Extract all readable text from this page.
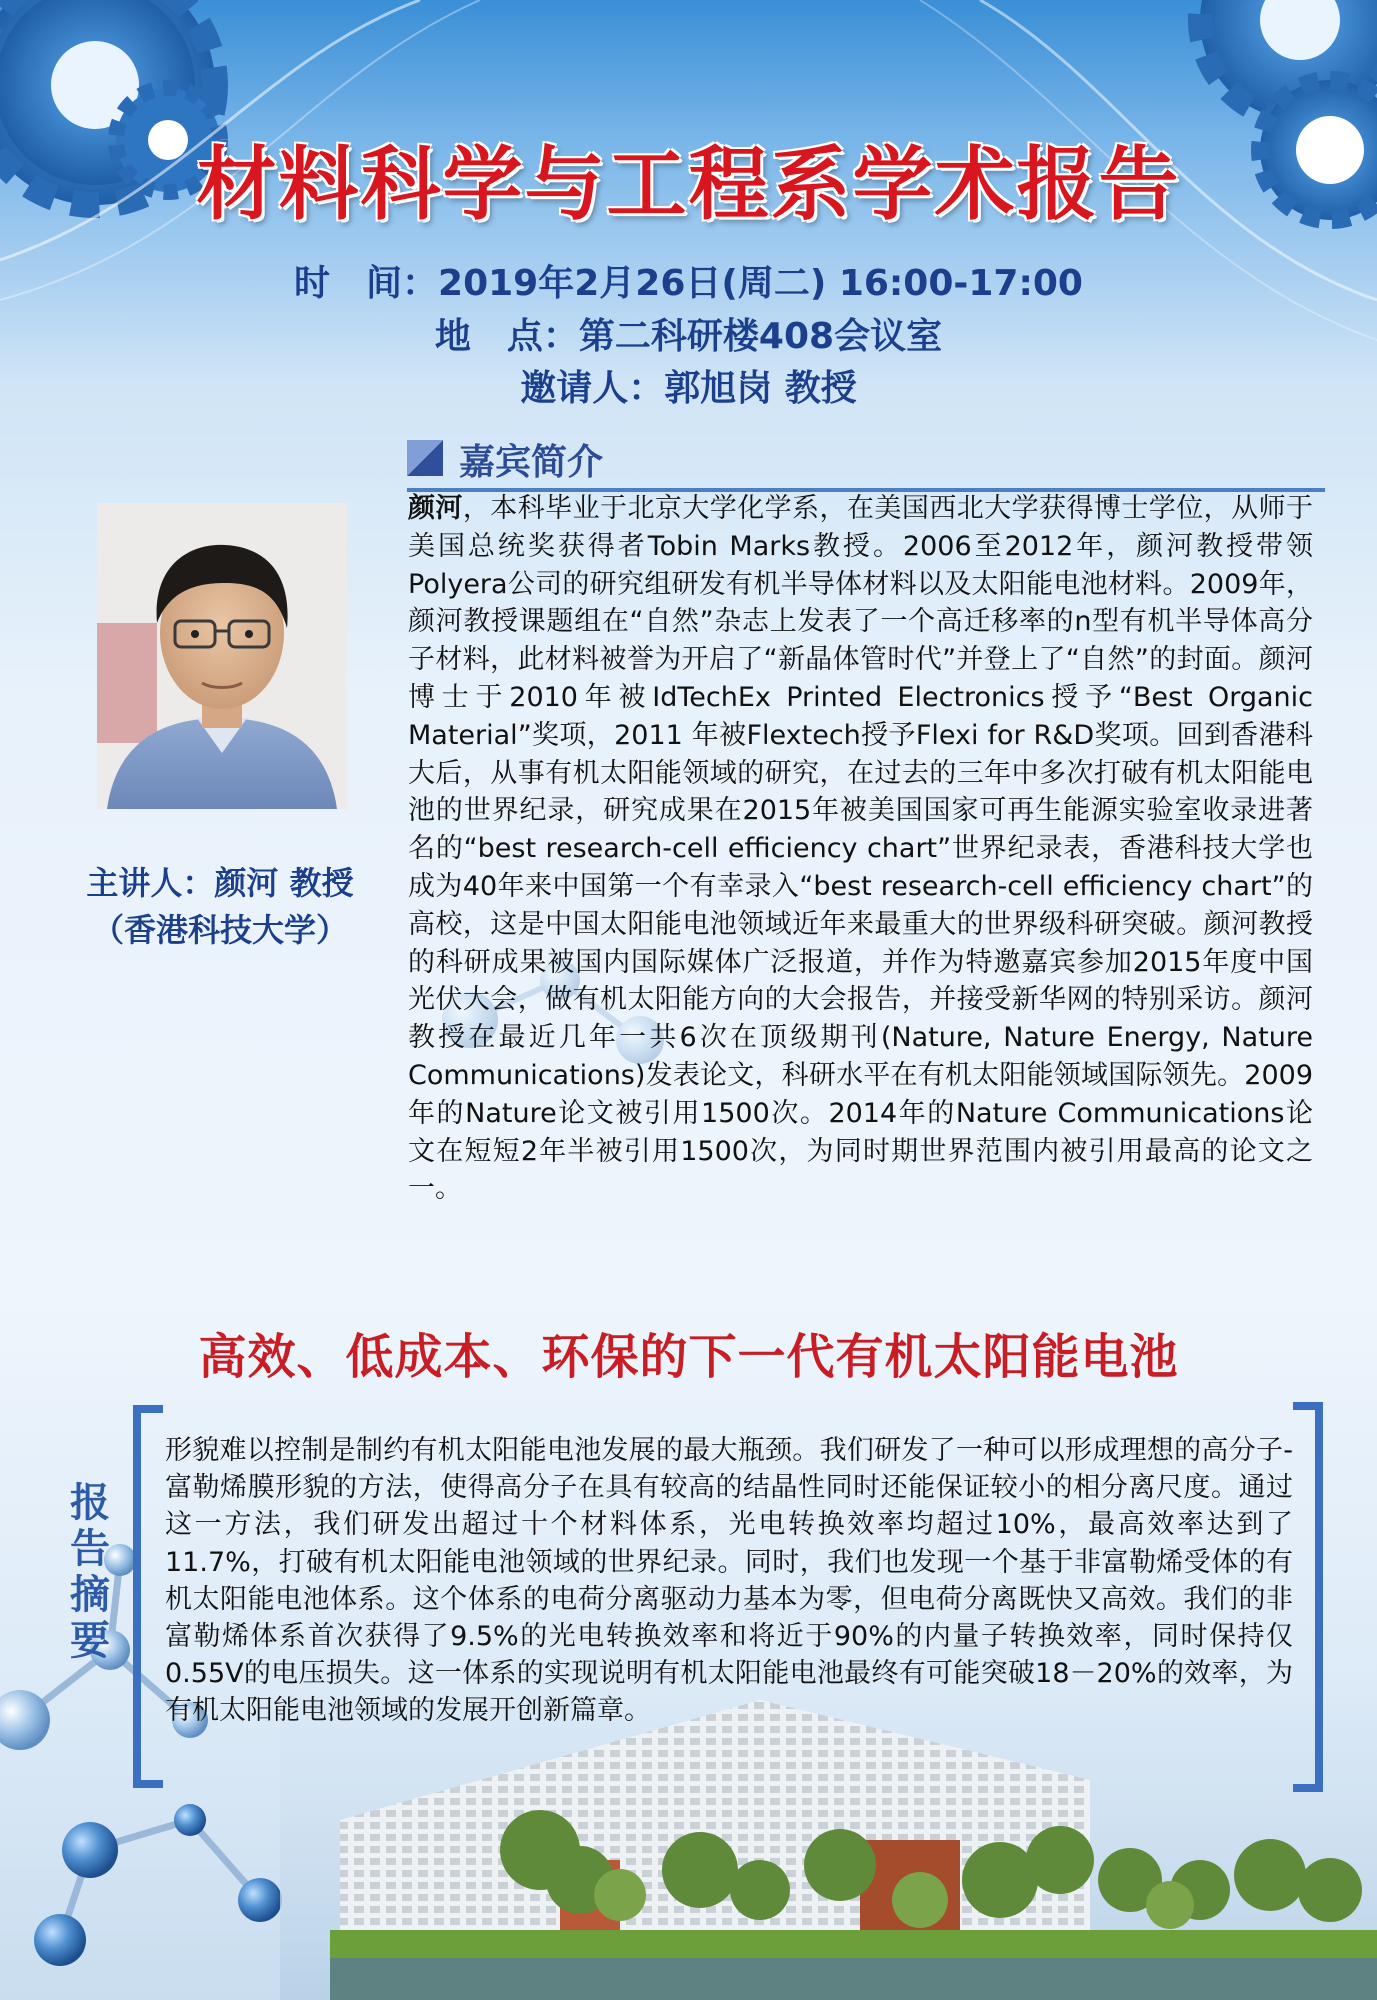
材料科学与工程系学术报告
时　间：2019年2月26日(周二) 16:00-17:00
地　点：第二科研楼408会议室
邀请人：郭旭岗 教授
嘉宾简介
主讲人：颜河 教授
（香港科技大学）
颜河，本科毕业于北京大学化学系，在美国西北大学获得博士学位，从师于美国总统奖获得者Tobin Marks教授。2006至2012年，颜河教授带领Polyera公司的研究组研发有机半导体材料以及太阳能电池材料。2009年，颜河教授课题组在“自然”杂志上发表了一个高迁移率的n型有机半导体高分子材料，此材料被誉为开启了“新晶体管时代”并登上了“自然”的封面。颜河博士于2010年被IdTechEx Printed Electronics授予“Best Organic Material”奖项，2011 年被Flextech授予Flexi for R&D奖项。回到香港科大后，从事有机太阳能领域的研究，在过去的三年中多次打破有机太阳能电池的世界纪录，研究成果在2015年被美国国家可再生能源实验室收录进著名的“best research-cell efficiency chart”世界纪录表，香港科技大学也成为40年来中国第一个有幸录入“best research-cell efficiency chart”的高校，这是中国太阳能电池领域近年来最重大的世界级科研突破。颜河教授的科研成果被国内国际媒体广泛报道，并作为特邀嘉宾参加2015年度中国光伏大会，做有机太阳能方向的大会报告，并接受新华网的特别采访。颜河教授在最近几年一共6次在顶级期刊(Nature, Nature Energy, Nature Communications)发表论文，科研水平在有机太阳能领域国际领先。2009年的Nature论文被引用1500次。2014年的Nature Communications论文在短短2年半被引用1500次，为同时期世界范围内被引用最高的论文之一。
高效、低成本、环保的下一代有机太阳能电池
报告摘要
形貌难以控制是制约有机太阳能电池发展的最大瓶颈。我们研发了一种可以形成理想的高分子-富勒烯膜形貌的方法，使得高分子在具有较高的结晶性同时还能保证较小的相分离尺度。通过这一方法，我们研发出超过十个材料体系，光电转换效率均超过10%，最高效率达到了11.7%，打破有机太阳能电池领域的世界纪录。同时，我们也发现一个基于非富勒烯受体的有机太阳能电池体系。这个体系的电荷分离驱动力基本为零，但电荷分离既快又高效。我们的非富勒烯体系首次获得了9.5%的光电转换效率和将近于90%的内量子转换效率，同时保持仅0.55V的电压损失。这一体系的实现说明有机太阳能电池最终有可能突破18－20%的效率，为有机太阳能电池领域的发展开创新篇章。
